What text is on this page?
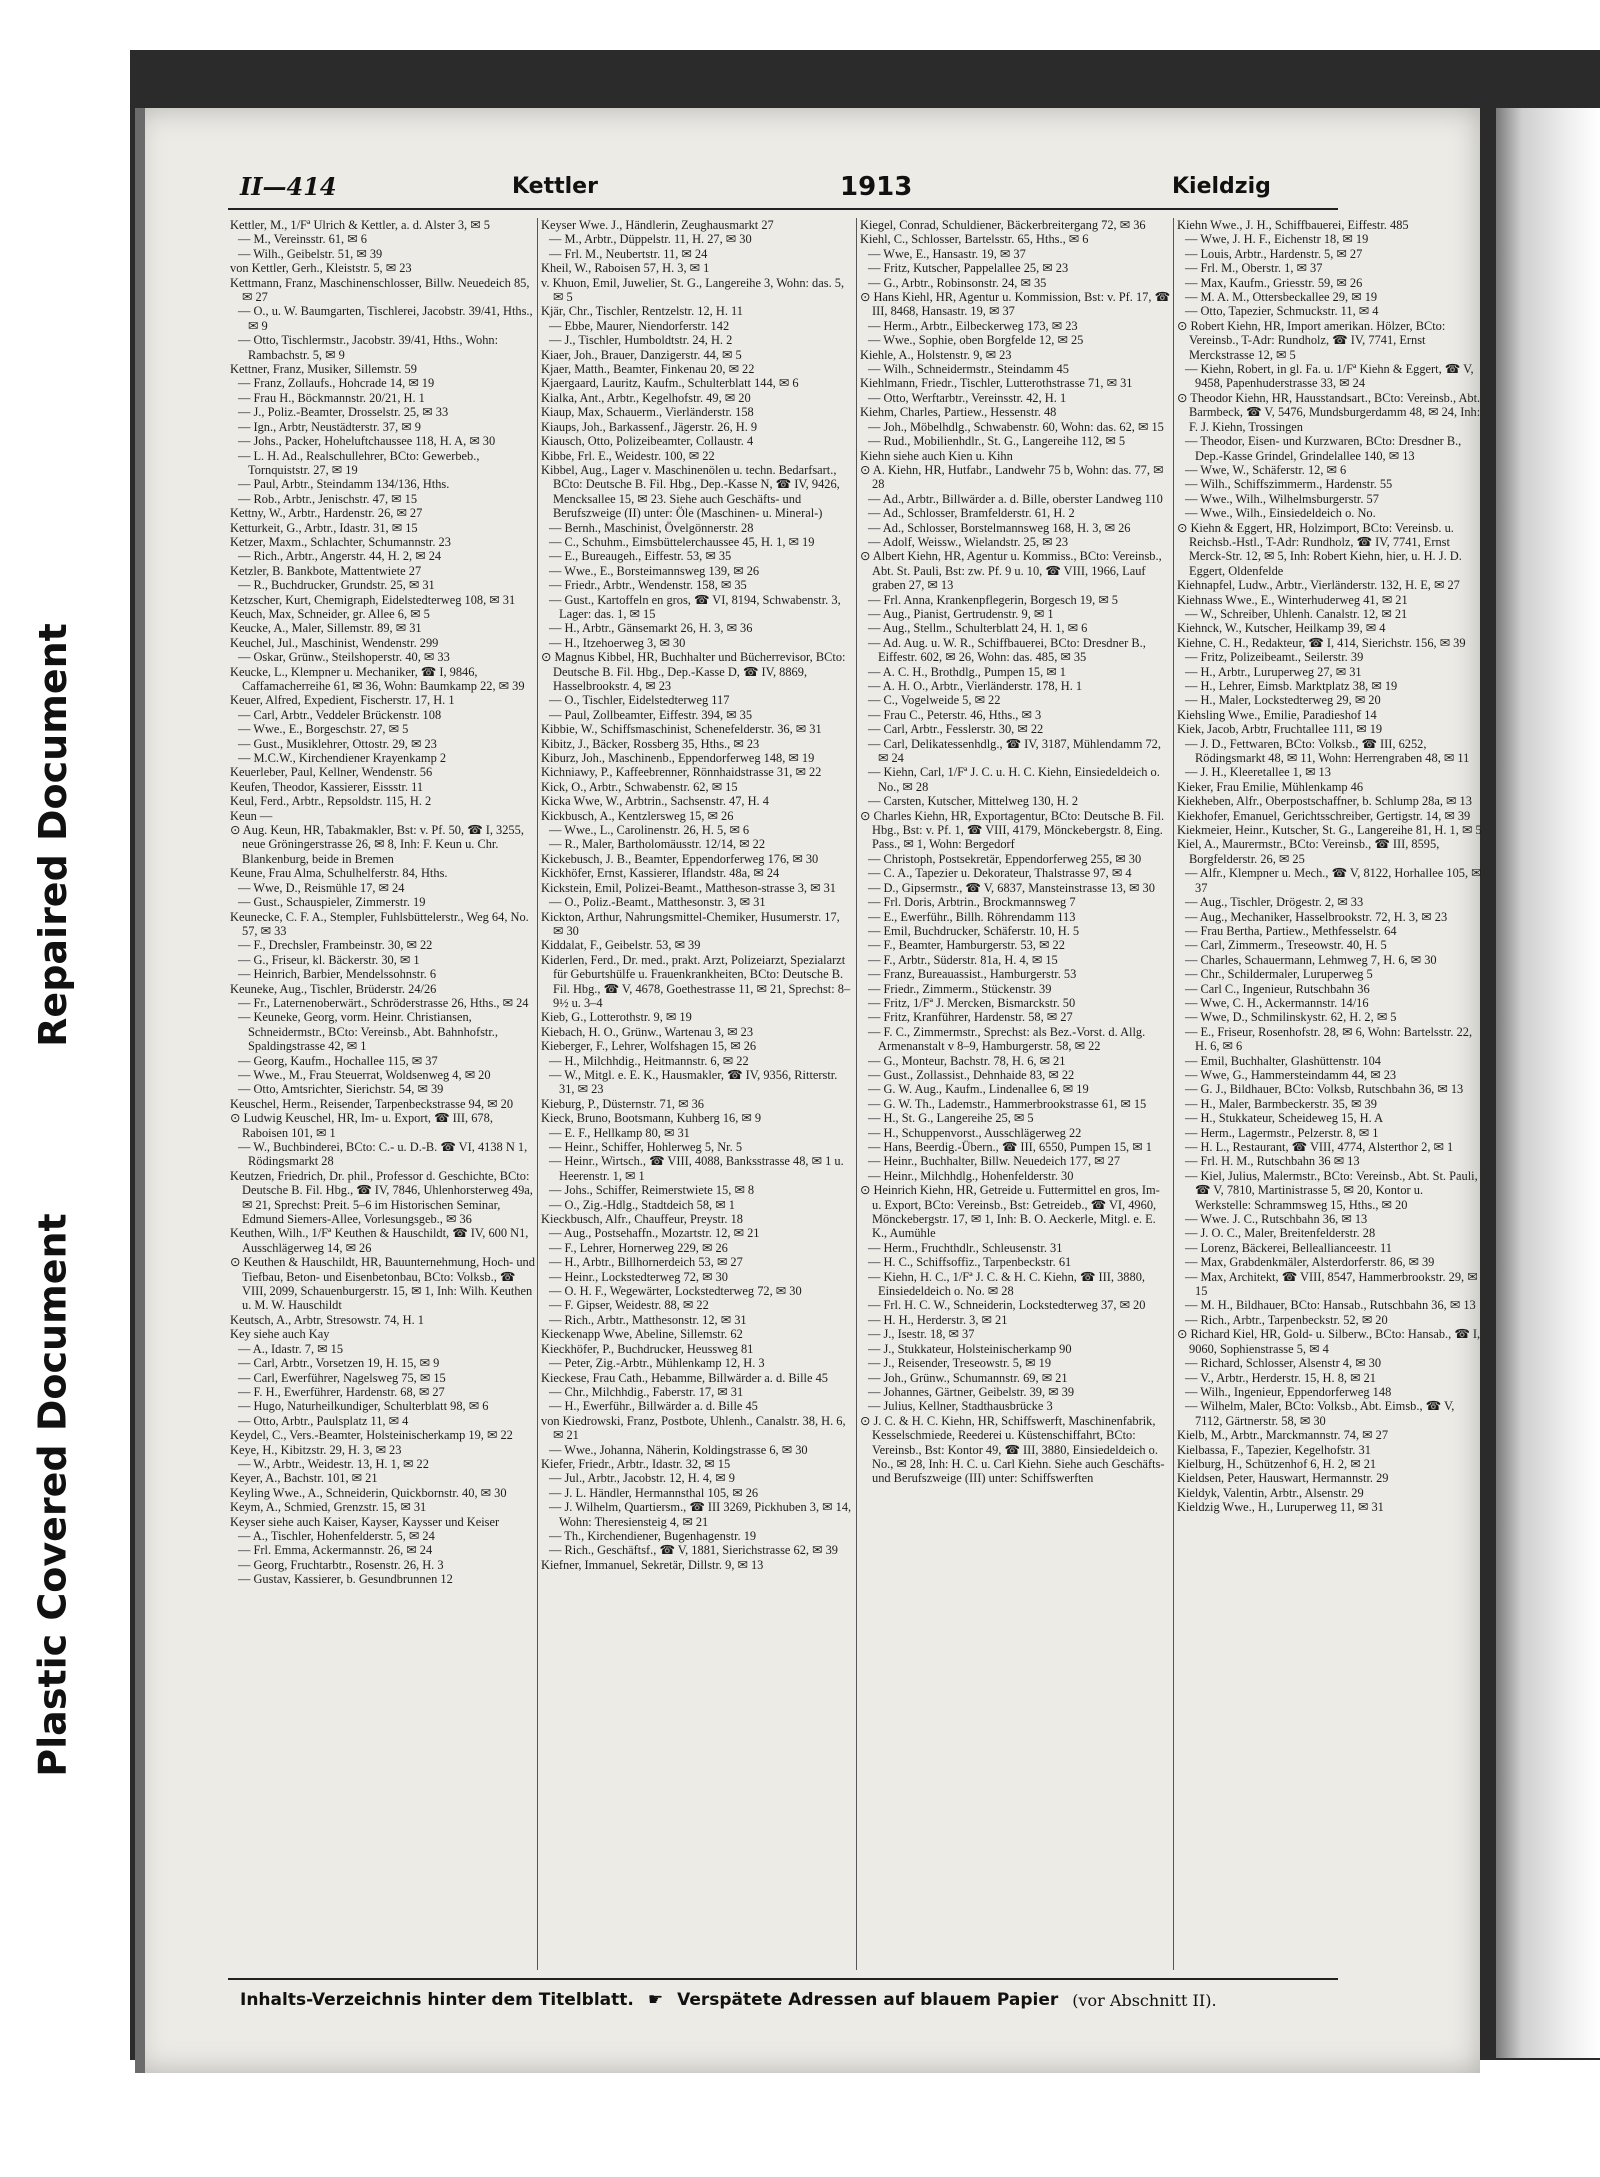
Repaired Document
Plastic Covered Document
II—414	Kettler	1913	Kieldzig

Kettler, M., 1/Fª Ulrich & Kettler, a. d. Alster 3, ✉ 5

— M., Vereinsstr. 61, ✉ 6

— Wilh., Geibelstr. 51, ✉ 39

von Kettler, Gerh., Kleiststr. 5, ✉ 23

Kettmann, Franz, Maschinenschlosser, Billw. Neuedeich 85, ✉ 27

— O., u. W. Baumgarten, Tischlerei, Jacobstr. 39/41, Hths., ✉ 9

— Otto, Tischlermstr., Jacobstr. 39/41, Hths., Wohn: Rambachstr. 5, ✉ 9

Kettner, Franz, Musiker, Sillemstr. 59

— Franz, Zollaufs., Hohcrade 14, ✉ 19

— Frau H., Böckmannstr. 20/21, H. 1

— J., Poliz.-Beamter, Drosselstr. 25, ✉ 33

— Ign., Arbtr, Neustädterstr. 37, ✉ 9

— Johs., Packer, Hoheluftchaussee 118, H. A, ✉ 30

— L. H. Ad., Realschullehrer, BCto: Gewerbeb., Tornquiststr. 27, ✉ 19

— Paul, Arbtr., Steindamm 134/136, Hths.

— Rob., Arbtr., Jenischstr. 47, ✉ 15

Kettny, W., Arbtr., Hardenstr. 26, ✉ 27

Ketturkeit, G., Arbtr., Idastr. 31, ✉ 15

Ketzer, Maxm., Schlachter, Schumannstr. 23

— Rich., Arbtr., Angerstr. 44, H. 2, ✉ 24

Ketzler, B. Bankbote, Mattentwiete 27

— R., Buchdrucker, Grundstr. 25, ✉ 31

Ketzscher, Kurt, Chemigraph, Eidelstedterweg 108, ✉ 31

Keuch, Max, Schneider, gr. Allee 6, ✉ 5

Keucke, A., Maler, Sillemstr. 89, ✉ 31

Keuchel, Jul., Maschinist, Wendenstr. 299

— Oskar, Grünw., Steilshoperstr. 40, ✉ 33

Keucke, L., Klempner u. Mechaniker, ☎ I, 9846, Caffamacherreihe 61, ✉ 36, Wohn: Baumkamp 22, ✉ 39

Keuer, Alfred, Expedient, Fischerstr. 17, H. 1

— Carl, Arbtr., Veddeler Brückenstr. 108

— Wwe., E., Borgeschstr. 27, ✉ 5

— Gust., Musiklehrer, Ottostr. 29, ✉ 23

— M.C.W., Kirchendiener Krayenkamp 2

Keuerleber, Paul, Kellner, Wendenstr. 56

Keufen, Theodor, Kassierer, Eissstr. 11

Keul, Ferd., Arbtr., Repsoldstr. 115, H. 2

Keun —

⊙ Aug. Keun, HR, Tabakmakler, Bst: v. Pf. 50, ☎ I, 3255, neue Gröningerstrasse 26, ✉ 8, Inh: F. Keun u. Chr. Blankenburg, beide in Bremen

Keune, Frau Alma, Schulhelferstr. 84, Hths.

— Wwe, D., Reismühle 17, ✉ 24

— Gust., Schauspieler, Zimmerstr. 19

Keunecke, C. F. A., Stempler, Fuhlsbüttelerstr., Weg 64, No. 57, ✉ 33

— F., Drechsler, Frambeinstr. 30, ✉ 22

— G., Friseur, kl. Bäckerstr. 30, ✉ 1

— Heinrich, Barbier, Mendelssohnstr. 6

Keuneke, Aug., Tischler, Brüderstr. 24/26

— Fr., Laternenoberwärt., Schröderstrasse 26, Hths., ✉ 24

— Keuneke, Georg, vorm. Heinr. Christiansen, Schneidermstr., BCto: Vereinsb., Abt. Bahnhofstr., Spaldingstrasse 42, ✉ 1

— Georg, Kaufm., Hochallee 115, ✉ 37

— Wwe., M., Frau Steuerrat, Woldsenweg 4, ✉ 20

— Otto, Amtsrichter, Sierichstr. 54, ✉ 39

Keuschel, Herm., Reisender, Tarpenbeckstrasse 94, ✉ 20

⊙ Ludwig Keuschel, HR, Im- u. Export, ☎ III, 678, Raboisen 101, ✉ 1

— W., Buchbinderei, BCto: C.- u. D.-B. ☎ VI, 4138 N 1, Rödingsmarkt 28

Keutzen, Friedrich, Dr. phil., Professor d. Geschichte, BCto: Deutsche B. Fil. Hbg., ☎ IV, 7846, Uhlenhorsterweg 49a, ✉ 21, Sprechst: Preit. 5–6 im Historischen Seminar, Edmund Siemers-Allee, Vorlesungsgeb., ✉ 36

Keuthen, Wilh., 1/Fª Keuthen & Hauschildt, ☎ IV, 600 N1, Ausschlägerweg 14, ✉ 26

⊙ Keuthen & Hauschildt, HR, Bauunternehmung, Hoch- und Tiefbau, Beton- und Eisenbetonbau, BCto: Volksb., ☎ VIII, 2099, Schauenburgerstr. 15, ✉ 1, Inh: Wilh. Keuthen u. M. W. Hauschildt

Keutsch, A., Arbtr, Stresowstr. 74, H. 1

Key siehe auch Kay

— A., Idastr. 7, ✉ 15

— Carl, Arbtr., Vorsetzen 19, H. 15, ✉ 9

— Carl, Ewerführer, Nagelsweg 75, ✉ 15

— F. H., Ewerführer, Hardenstr. 68, ✉ 27

— Hugo, Naturheilkundiger, Schulterblatt 98, ✉ 6

— Otto, Arbtr., Paulsplatz 11, ✉ 4

Keydel, C., Vers.-Beamter, Holsteinischerkamp 19, ✉ 22

Keye, H., Kibitzstr. 29, H. 3, ✉ 23

— W., Arbtr., Weidestr. 13, H. 1, ✉ 22

Keyer, A., Bachstr. 101, ✉ 21

Keyling Wwe., A., Schneiderin, Quickbornstr. 40, ✉ 30

Keym, A., Schmied, Grenzstr. 15, ✉ 31

Keyser siehe auch Kaiser, Kayser, Kaysser und Keiser

— A., Tischler, Hohenfelderstr. 5, ✉ 24

— Frl. Emma, Ackermannstr. 26, ✉ 24

— Georg, Fruchtarbtr., Rosenstr. 26, H. 3

— Gustav, Kassierer, b. Gesundbrunnen 12

Keyser Wwe. J., Händlerin, Zeughausmarkt 27

— M., Arbtr., Düppelstr. 11, H. 27, ✉ 30

— Frl. M., Neubertstr. 11, ✉ 24

Kheil, W., Raboisen 57, H. 3, ✉ 1

v. Khuon, Emil, Juwelier, St. G., Langereihe 3, Wohn: das. 5, ✉ 5

Kjär, Chr., Tischler, Rentzelstr. 12, H. 11

— Ebbe, Maurer, Niendorferstr. 142

— J., Tischler, Humboldtstr. 24, H. 2

Kiaer, Joh., Brauer, Danzigerstr. 44, ✉ 5

Kjaer, Matth., Beamter, Finkenau 20, ✉ 22

Kjaergaard, Lauritz, Kaufm., Schulterblatt 144, ✉ 6

Kialka, Ant., Arbtr., Kegelhofstr. 49, ✉ 20

Kiaup, Max, Schauerm., Vierländerstr. 158

Kiaups, Joh., Barkassenf., Jägerstr. 26, H. 9

Kiausch, Otto, Polizeibeamter, Collaustr. 4

Kibbe, Frl. E., Weidestr. 100, ✉ 22

Kibbel, Aug., Lager v. Maschinenölen u. techn. Bedarfsart., BCto: Deutsche B. Fil. Hbg., Dep.-Kasse N, ☎ IV, 9426, Mencksallee 15, ✉ 23. Siehe auch Geschäfts- und Berufszweige (II) unter: Öle (Maschinen- u. Mineral-)

— Bernh., Maschinist, Övelgönnerstr. 28

— C., Schuhm., Eimsbüttelerchaussee 45, H. 1, ✉ 19

— E., Bureaugeh., Eiffestr. 53, ✉ 35

— Wwe., E., Borsteimannsweg 139, ✉ 26

— Friedr., Arbtr., Wendenstr. 158, ✉ 35

— Gust., Kartoffeln en gros, ☎ VI, 8194, Schwabenstr. 3, Lager: das. 1, ✉ 15

— H., Arbtr., Gänsemarkt 26, H. 3, ✉ 36

— H., Itzehoerweg 3, ✉ 30

⊙ Magnus Kibbel, HR, Buchhalter und Bücherrevisor, BCto: Deutsche B. Fil. Hbg., Dep.-Kasse D, ☎ IV, 8869, Hasselbrookstr. 4, ✉ 23

— O., Tischler, Eidelstedterweg 117

— Paul, Zollbeamter, Eiffestr. 394, ✉ 35

Kibbie, W., Schiffsmaschinist, Schenefelderstr. 36, ✉ 31

Kibitz, J., Bäcker, Rossberg 35, Hths., ✉ 23

Kiburz, Joh., Maschinenb., Eppendorferweg 148, ✉ 19

Kichniawy, P., Kaffeebrenner, Rönnhaidstrasse 31, ✉ 22

Kick, O., Arbtr., Schwabenstr. 62, ✉ 15

Kicka Wwe, W., Arbtrin., Sachsenstr. 47, H. 4

Kickbusch, A., Kentzlersweg 15, ✉ 26

— Wwe., L., Carolinenstr. 26, H. 5, ✉ 6

— R., Maler, Bartholomäusstr. 12/14, ✉ 22

Kickebusch, J. B., Beamter, Eppendorferweg 176, ✉ 30

Kickhöfer, Ernst, Kassierer, Iflandstr. 48a, ✉ 24

Kickstein, Emil, Polizei-Beamt., Mattheson-strasse 3, ✉ 31

— O., Poliz.-Beamt., Matthesonstr. 3, ✉ 31

Kickton, Arthur, Nahrungsmittel-Chemiker, Husumerstr. 17, ✉ 30

Kiddalat, F., Geibelstr. 53, ✉ 39

Kiderlen, Ferd., Dr. med., prakt. Arzt, Polizeiarzt, Spezialarzt für Geburtshülfe u. Frauenkrankheiten, BCto: Deutsche B. Fil. Hbg., ☎ V, 4678, Goethestrasse 11, ✉ 21, Sprechst: 8–9½ u. 3–4

Kieb, G., Lotterothstr. 9, ✉ 19

Kiebach, H. O., Grünw., Wartenau 3, ✉ 23

Kieberger, F., Lehrer, Wolfshagen 15, ✉ 26

— H., Milchhdig., Heitmannstr. 6, ✉ 22

— W., Mitgl. e. E. K., Hausmakler, ☎ IV, 9356, Ritterstr. 31, ✉ 23

Kieburg, P., Düsternstr. 71, ✉ 36

Kieck, Bruno, Bootsmann, Kuhberg 16, ✉ 9

— E. F., Hellkamp 80, ✉ 31

— Heinr., Schiffer, Hohlerweg 5, Nr. 5

— Heinr., Wirtsch., ☎ VIII, 4088, Banksstrasse 48, ✉ 1 u. Heerenstr. 1, ✉ 1

— Johs., Schiffer, Reimerstwiete 15, ✉ 8

— O., Zig.-Hdlg., Stadtdeich 58, ✉ 1

Kieckbusch, Alfr., Chauffeur, Preystr. 18

— Aug., Postsehaffn., Mozartstr. 12, ✉ 21

— F., Lehrer, Hornerweg 229, ✉ 26

— H., Arbtr., Billhornerdeich 53, ✉ 27

— Heinr., Lockstedterweg 72, ✉ 30

— O. H. F., Wegewärter, Lockstedterweg 72, ✉ 30

— F. Gipser, Weidestr. 88, ✉ 22

— Rich., Arbtr., Matthesonstr. 12, ✉ 31

Kieckenapp Wwe, Abeline, Sillemstr. 62

Kieckhöfer, P., Buchdrucker, Heussweg 81

— Peter, Zig.-Arbtr., Mühlenkamp 12, H. 3

Kieckese, Frau Cath., Hebamme, Billwärder a. d. Bille 45

— Chr., Milchhdig., Faberstr. 17, ✉ 31

— H., Ewerführ., Billwärder a. d. Bille 45

von Kiedrowski, Franz, Postbote, Uhlenh., Canalstr. 38, H. 6, ✉ 21

— Wwe., Johanna, Näherin, Koldingstrasse 6, ✉ 30

Kiefer, Friedr., Arbtr., Idastr. 32, ✉ 15

— Jul., Arbtr., Jacobstr. 12, H. 4, ✉ 9

— J. L. Händler, Hermannsthal 105, ✉ 26

— J. Wilhelm, Quartiersm., ☎ III 3269, Pickhuben 3, ✉ 14, Wohn: Theresiensteig 4, ✉ 21

— Th., Kirchendiener, Bugenhagenstr. 19

— Rich., Geschäftsf., ☎ V, 1881, Sierichstrasse 62, ✉ 39

Kiefner, Immanuel, Sekretär, Dillstr. 9, ✉ 13

Kiegel, Conrad, Schuldiener, Bäckerbreitergang 72, ✉ 36

Kiehl, C., Schlosser, Bartelsstr. 65, Hths., ✉ 6

— Wwe, E., Hansastr. 19, ✉ 37

— Fritz, Kutscher, Pappelallee 25, ✉ 23

— G., Arbtr., Robinsonstr. 24, ✉ 35

⊙ Hans Kiehl, HR, Agentur u. Kommission, Bst: v. Pf. 17, ☎ III, 8468, Hansastr. 19, ✉ 37

— Herm., Arbtr., Eilbeckerweg 173, ✉ 23

— Wwe., Sophie, oben Borgfelde 12, ✉ 25

Kiehle, A., Holstenstr. 9, ✉ 23

— Wilh., Schneidermstr., Steindamm 45

Kiehlmann, Friedr., Tischler, Lutterothstrasse 71, ✉ 31

— Otto, Werftarbtr., Vereinsstr. 42, H. 1

Kiehm, Charles, Partiew., Hessenstr. 48

— Joh., Möbelhdlg., Schwabenstr. 60, Wohn: das. 62, ✉ 15

— Rud., Mobilienhdlr., St. G., Langereihe 112, ✉ 5

Kiehn siehe auch Kien u. Kihn

⊙ A. Kiehn, HR, Hutfabr., Landwehr 75 b, Wohn: das. 77, ✉ 28

— Ad., Arbtr., Billwärder a. d. Bille, oberster Landweg 110

— Ad., Schlosser, Bramfelderstr. 61, H. 2

— Ad., Schlosser, Borstelmannsweg 168, H. 3, ✉ 26

— Adolf, Weissw., Wielandstr. 25, ✉ 23

⊙ Albert Kiehn, HR, Agentur u. Kommiss., BCto: Vereinsb., Abt. St. Pauli, Bst: zw. Pf. 9 u. 10, ☎ VIII, 1966, Lauf graben 27, ✉ 13

— Frl. Anna, Krankenpflegerin, Borgesch 19, ✉ 5

— Aug., Pianist, Gertrudenstr. 9, ✉ 1

— Aug., Stellm., Schulterblatt 24, H. 1, ✉ 6

— Ad. Aug. u. W. R., Schiffbauerei, BCto: Dresdner B., Eiffestr. 602, ✉ 26, Wohn: das. 485, ✉ 35

— A. C. H., Brothdlg., Pumpen 15, ✉ 1

— A. H. O., Arbtr., Vierländerstr. 178, H. 1

— C., Vogelweide 5, ✉ 22

— Frau C., Peterstr. 46, Hths., ✉ 3

— Carl, Arbtr., Fesslerstr. 30, ✉ 22

— Carl, Delikatessenhdlg., ☎ IV, 3187, Mühlendamm 72, ✉ 24

— Kiehn, Carl, 1/Fª J. C. u. H. C. Kiehn, Einsiedeldeich o. No., ✉ 28

— Carsten, Kutscher, Mittelweg 130, H. 2

⊙ Charles Kiehn, HR, Exportagentur, BCto: Deutsche B. Fil. Hbg., Bst: v. Pf. 1, ☎ VIII, 4179, Mönckebergstr. 8, Eing. Pass., ✉ 1, Wohn: Bergedorf

— Christoph, Postsekretär, Eppendorferweg 255, ✉ 30

— C. A., Tapezier u. Dekorateur, Thalstrasse 97, ✉ 4

— D., Gipsermstr., ☎ V, 6837, Mansteinstrasse 13, ✉ 30

— Frl. Doris, Arbtrin., Brockmannsweg 7

— E., Ewerführ., Billh. Röhrendamm 113

— Emil, Buchdrucker, Schäferstr. 10, H. 5

— F., Beamter, Hamburgerstr. 53, ✉ 22

— F., Arbtr., Süderstr. 81a, H. 4, ✉ 15

— Franz, Bureauassist., Hamburgerstr. 53

— Friedr., Zimmerm., Stückenstr. 39

— Fritz, 1/Fª J. Mercken, Bismarckstr. 50

— Fritz, Kranführer, Hardenstr. 58, ✉ 27

— F. C., Zimmermstr., Sprechst: als Bez.-Vorst. d. Allg. Armenanstalt v 8–9, Hamburgerstr. 58, ✉ 22

— G., Monteur, Bachstr. 78, H. 6, ✉ 21

— Gust., Zollassist., Dehnhaide 83, ✉ 22

— G. W. Aug., Kaufm., Lindenallee 6, ✉ 19

— G. W. Th., Lademstr., Hammerbrookstrasse 61, ✉ 15

— H., St. G., Langereihe 25, ✉ 5

— H., Schuppenvorst., Ausschlägerweg 22

— Hans, Beerdig.-Übern., ☎ III, 6550, Pumpen 15, ✉ 1

— Heinr., Buchhalter, Billw. Neuedeich 177, ✉ 27

— Heinr., Milchhdlg., Hohenfelderstr. 30

⊙ Heinrich Kiehn, HR, Getreide u. Futtermittel en gros, Im- u. Export, BCto: Vereinsb., Bst: Getreideb., ☎ VI, 4960, Mönckebergstr. 17, ✉ 1, Inh: B. O. Aeckerle, Mitgl. e. E. K., Aumühle

— Herm., Fruchthdlr., Schleusenstr. 31

— H. C., Schiffsoffiz., Tarpenbeckstr. 61

— Kiehn, H. C., 1/Fª J. C. & H. C. Kiehn, ☎ III, 3880, Einsiedeldeich o. No. ✉ 28

— Frl. H. C. W., Schneiderin, Lockstedterweg 37, ✉ 20

— H. H., Herderstr. 3, ✉ 21

— J., Isestr. 18, ✉ 37

— J., Stukkateur, Holsteinischerkamp 90

— J., Reisender, Treseowstr. 5, ✉ 19

— Joh., Grünw., Schumannstr. 69, ✉ 21

— Johannes, Gärtner, Geibelstr. 39, ✉ 39

— Julius, Kellner, Stadthausbrücke 3

⊙ J. C. & H. C. Kiehn, HR, Schiffswerft, Maschinenfabrik, Kesselschmiede, Reederei u. Küstenschiffahrt, BCto: Vereinsb., Bst: Kontor 49, ☎ III, 3880, Einsiedeldeich o. No., ✉ 28, Inh: H. C. u. Carl Kiehn. Siehe auch Geschäfts- und Berufszweige (III) unter: Schiffswerften

Kiehn Wwe., J. H., Schiffbauerei, Eiffestr. 485

— Wwe, J. H. F., Eichenstr 18, ✉ 19

— Louis, Arbtr., Hardenstr. 5, ✉ 27

— Frl. M., Oberstr. 1, ✉ 37

— Max, Kaufm., Griesstr. 59, ✉ 26

— M. A. M., Ottersbeckallee 29, ✉ 19

— Otto, Tapezier, Schmuckstr. 11, ✉ 4

⊙ Robert Kiehn, HR, Import amerikan. Hölzer, BCto: Vereinsb., T-Adr: Rundholz, ☎ IV, 7741, Ernst Merckstrasse 12, ✉ 5

— Kiehn, Robert, in gl. Fa. u. 1/Fª Kiehn & Eggert, ☎ V, 9458, Papenhuderstrasse 33, ✉ 24

⊙ Theodor Kiehn, HR, Hausstandsart., BCto: Vereinsb., Abt. Barmbeck, ☎ V, 5476, Mundsburgerdamm 48, ✉ 24, Inh: F. J. Kiehn, Trossingen

— Theodor, Eisen- und Kurzwaren, BCto: Dresdner B., Dep.-Kasse Grindel, Grindelallee 140, ✉ 13

— Wwe, W., Schäferstr. 12, ✉ 6

— Wilh., Schiffszimmerm., Hardenstr. 55

— Wwe., Wilh., Wilhelmsburgerstr. 57

— Wwe., Wilh., Einsiedeldeich o. No.

⊙ Kiehn & Eggert, HR, Holzimport, BCto: Vereinsb. u. Reichsb.-Hstl., T-Adr: Rundholz, ☎ IV, 7741, Ernst Merck-Str. 12, ✉ 5, Inh: Robert Kiehn, hier, u. H. J. D. Eggert, Oldenfelde

Kiehnapfel, Ludw., Arbtr., Vierländerstr. 132, H. E, ✉ 27

Kiehnass Wwe., E., Winterhuderweg 41, ✉ 21

— W., Schreiber, Uhlenh. Canalstr. 12, ✉ 21

Kiehnck, W., Kutscher, Heilkamp 39, ✉ 4

Kiehne, C. H., Redakteur, ☎ I, 414, Sierichstr. 156, ✉ 39

— Fritz, Polizeibeamt., Seilerstr. 39

— H., Arbtr., Luruperweg 27, ✉ 31

— H., Lehrer, Eimsb. Marktplatz 38, ✉ 19

— H., Maler, Lockstedterweg 29, ✉ 20

Kiehsling Wwe., Emilie, Paradieshof 14

Kiek, Jacob, Arbtr, Fruchtallee 111, ✉ 19

— J. D., Fettwaren, BCto: Volksb., ☎ III, 6252, Rödingsmarkt 48, ✉ 11, Wohn: Herrengraben 48, ✉ 11

— J. H., Kleeretallee 1, ✉ 13

Kieker, Frau Emilie, Mühlenkamp 46

Kiekheben, Alfr., Oberpostschaffner, b. Schlump 28a, ✉ 13

Kiekhofer, Emanuel, Gerichtsschreiber, Gertigstr. 14, ✉ 39

Kiekmeier, Heinr., Kutscher, St. G., Langereihe 81, H. 1, ✉ 5

Kiel, A., Maurermstr., BCto: Vereinsb., ☎ III, 8595, Borgfelderstr. 26, ✉ 25

— Alfr., Klempner u. Mech., ☎ V, 8122, Horhallee 105, ✉ 37

— Aug., Tischler, Drögestr. 2, ✉ 33

— Aug., Mechaniker, Hasselbrookstr. 72, H. 3, ✉ 23

— Frau Bertha, Partiew., Methfesselstr. 64

— Carl, Zimmerm., Treseowstr. 40, H. 5

— Charles, Schauermann, Lehmweg 7, H. 6, ✉ 30

— Chr., Schildermaler, Luruperweg 5

— Carl C., Ingenieur, Rutschbahn 36

— Wwe, C. H., Ackermannstr. 14/16

— Wwe, D., Schmilinskystr. 62, H. 2, ✉ 5

— E., Friseur, Rosenhofstr. 28, ✉ 6, Wohn: Bartelsstr. 22, H. 6, ✉ 6

— Emil, Buchhalter, Glashüttenstr. 104

— Wwe, G., Hammersteindamm 44, ✉ 23

— G. J., Bildhauer, BCto: Volksb, Rutschbahn 36, ✉ 13

— H., Maler, Barmbeckerstr. 35, ✉ 39

— H., Stukkateur, Scheideweg 15, H. A

— Herm., Lagermstr., Pelzerstr. 8, ✉ 1

— H. L., Restaurant, ☎ VIII, 4774, Alsterthor 2, ✉ 1

— Frl. H. M., Rutschbahn 36 ✉ 13

— Kiel, Julius, Malermstr., BCto: Vereinsb., Abt. St. Pauli, ☎ V, 7810, Martinistrasse 5, ✉ 20, Kontor u. Werkstelle: Schrammsweg 15, Hths., ✉ 20

— Wwe. J. C., Rutschbahn 36, ✉ 13

— J. O. C., Maler, Breitenfelderstr. 28

— Lorenz, Bäckerei, Belleallianceestr. 11

— Max, Grabdenkmäler, Alsterdorferstr. 86, ✉ 39

— Max, Architekt, ☎ VIII, 8547, Hammerbrookstr. 29, ✉ 15

— M. H., Bildhauer, BCto: Hansab., Rutschbahn 36, ✉ 13

— Rich., Arbtr., Tarpenbeckstr. 52, ✉ 20

⊙ Richard Kiel, HR, Gold- u. Silberw., BCto: Hansab., ☎ I, 9060, Sophienstrasse 5, ✉ 4

— Richard, Schlosser, Alsenstr 4, ✉ 30

— V., Arbtr., Herderstr. 15, H. 8, ✉ 21

— Wilh., Ingenieur, Eppendorferweg 148

— Wilhelm, Maler, BCto: Volksb., Abt. Eimsb., ☎ V, 7112, Gärtnerstr. 58, ✉ 30

Kielb, M., Arbtr., Marckmannstr. 74, ✉ 27

Kielbassa, F., Tapezier, Kegelhofstr. 31

Kielburg, H., Schützenhof 6, H. 2, ✉ 21

Kieldsen, Peter, Hauswart, Hermannstr. 29

Kieldyk, Valentin, Arbtr., Alsenstr. 29

Kieldzig Wwe., H., Luruperweg 11, ✉ 31

Inhalts-Verzeichnis hinter dem Titelblatt. ☛ Verspätete Adressen auf blauem Papier (vor Abschnitt II).
